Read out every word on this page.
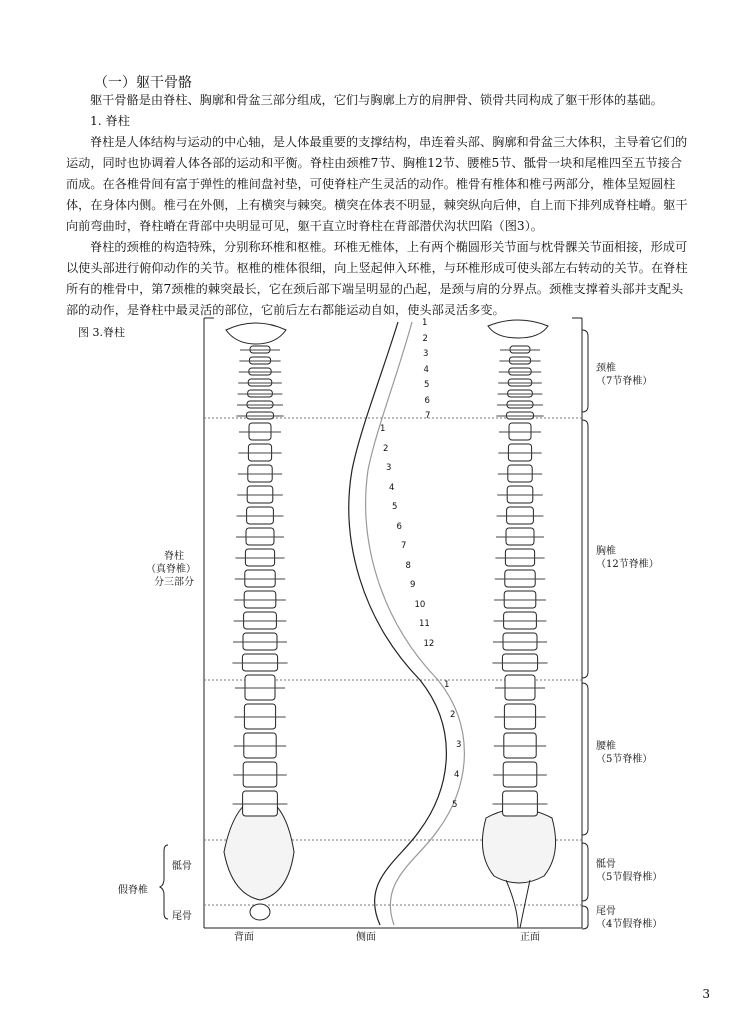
（一）躯干骨骼

躯干骨骼是由脊柱、胸廓和骨盆三部分组成，它们与胸廓上方的肩胛骨、锁骨共同构成了躯干形体的基础。

1. 脊柱

脊柱是人体结构与运动的中心轴，是人体最重要的支撑结构，串连着头部、胸廓和骨盆三大体积，主导着它们的运动，同时也协调着人体各部的运动和平衡。脊柱由颈椎7节、胸椎12节、腰椎5节、骶骨一块和尾椎四至五节接合而成。在各椎骨间有富于弹性的椎间盘衬垫，可使脊柱产生灵活的动作。椎骨有椎体和椎弓两部分，椎体呈短圆柱体，在身体内侧。椎弓在外侧，上有横突与棘突。横突在体表不明显，棘突纵向后伸，自上而下排列成脊柱嵴。躯干向前弯曲时，脊柱嵴在背部中央明显可见，躯干直立时脊柱在背部潜伏沟状凹陷（图3）。

脊柱的颈椎的构造特殊，分别称环椎和枢椎。环椎无椎体，上有两个椭圆形关节面与枕骨髁关节面相接，形成可以使头部进行俯仰动作的关节。枢椎的椎体很细，向上竖起伸入环椎，与环椎形成可使头部左右转动的关节。在脊柱所有的椎骨中，第7颈椎的棘突最长，它在颈后部下端呈明显的凸起，是颈与肩的分界点。颈椎支撑着头部并支配头部的动作，是脊柱中最灵活的部位，它前后左右都能运动自如，使头部灵活多变。

图 3.脊柱
脊柱
（真脊椎）
分三部分
假脊椎
骶骨
尾骨
颈椎
（7节脊椎）
胸椎
（12节脊椎）
腰椎
（5节脊椎）
骶骨
（5节假脊椎）
尾骨
（4节假脊椎）
背面	侧面	正面
1
2
3
4
5
6
7
1
2
3
4
5
6
7
8
9
10
11
12
1
2
3
4
5
3
